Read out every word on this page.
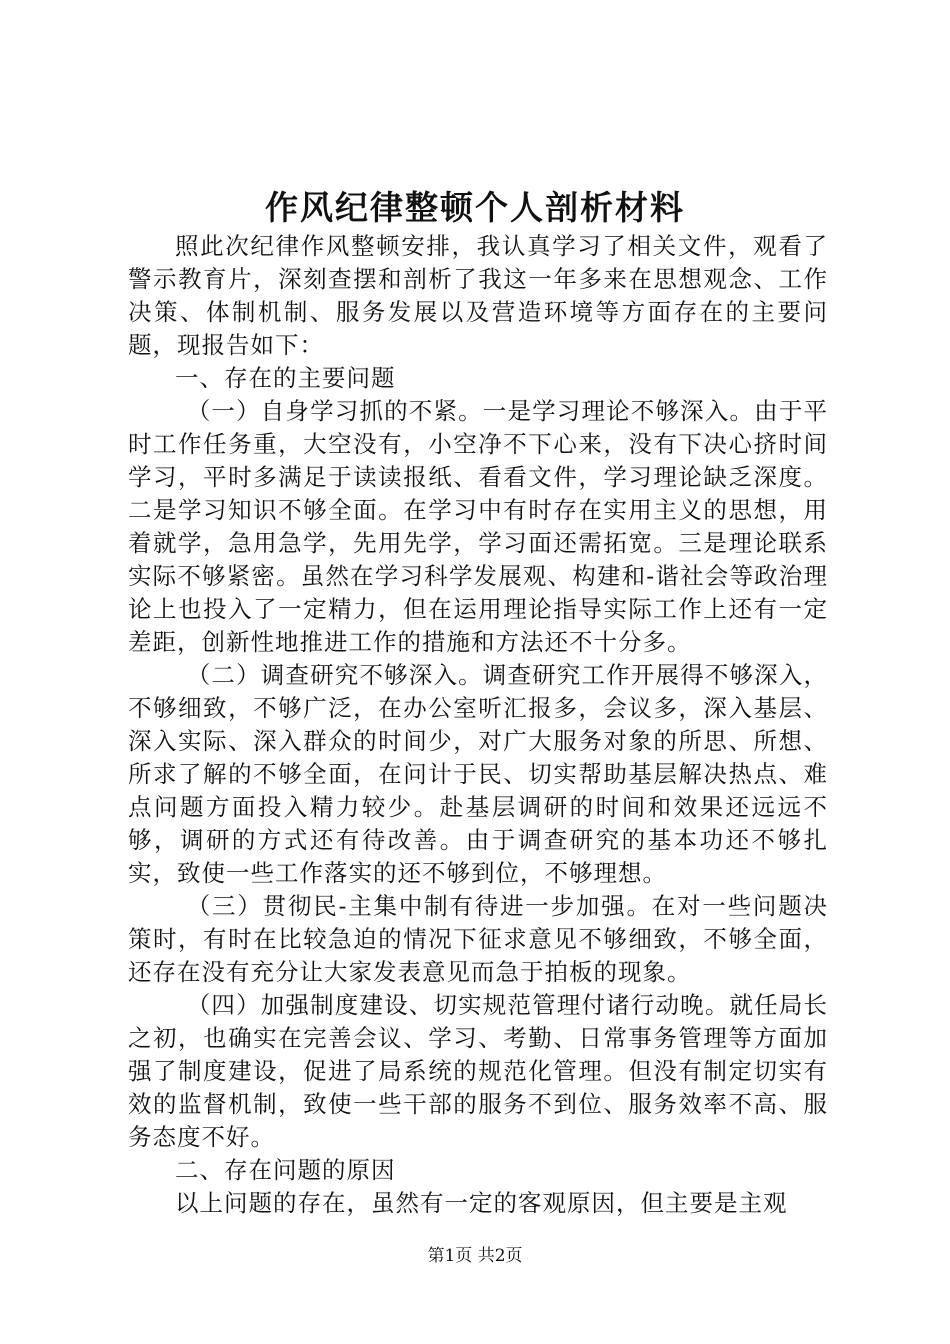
作风纪律整顿个人剖析材料

照此次纪律作风整顿安排，我认真学习了相关文件，观看了警示教育片，深刻查摆和剖析了我这一年多来在思想观念、工作决策、体制机制、服务发展以及营造环境等方面存在的主要问题，现报告如下：

一、存在的主要问题

（一）自身学习抓的不紧。一是学习理论不够深入。由于平时工作任务重，大空没有，小空净不下心来，没有下决心挤时间学习，平时多满足于读读报纸、看看文件，学习理论缺乏深度。二是学习知识不够全面。在学习中有时存在实用主义的思想，用着就学，急用急学，先用先学，学习面还需拓宽。三是理论联系实际不够紧密。虽然在学习科学发展观、构建和-谐社会等政治理论上也投入了一定精力，但在运用理论指导实际工作上还有一定差距，创新性地推进工作的措施和方法还不十分多。

（二）调查研究不够深入。调查研究工作开展得不够深入，不够细致，不够广泛，在办公室听汇报多，会议多，深入基层、深入实际、深入群众的时间少，对广大服务对象的所思、所想、所求了解的不够全面，在问计于民、切实帮助基层解决热点、难点问题方面投入精力较少。赴基层调研的时间和效果还远远不够，调研的方式还有待改善。由于调查研究的基本功还不够扎实，致使一些工作落实的还不够到位，不够理想。

（三）贯彻民-主集中制有待进一步加强。在对一些问题决策时，有时在比较急迫的情况下征求意见不够细致，不够全面，还存在没有充分让大家发表意见而急于拍板的现象。

（四）加强制度建设、切实规范管理付诸行动晚。就任局长之初，也确实在完善会议、学习、考勤、日常事务管理等方面加强了制度建设，促进了局系统的规范化管理。但没有制定切实有效的监督机制，致使一些干部的服务不到位、服务效率不高、服务态度不好。

二、存在问题的原因

以上问题的存在，虽然有一定的客观原因，但主要是主观

第1页 共2页
